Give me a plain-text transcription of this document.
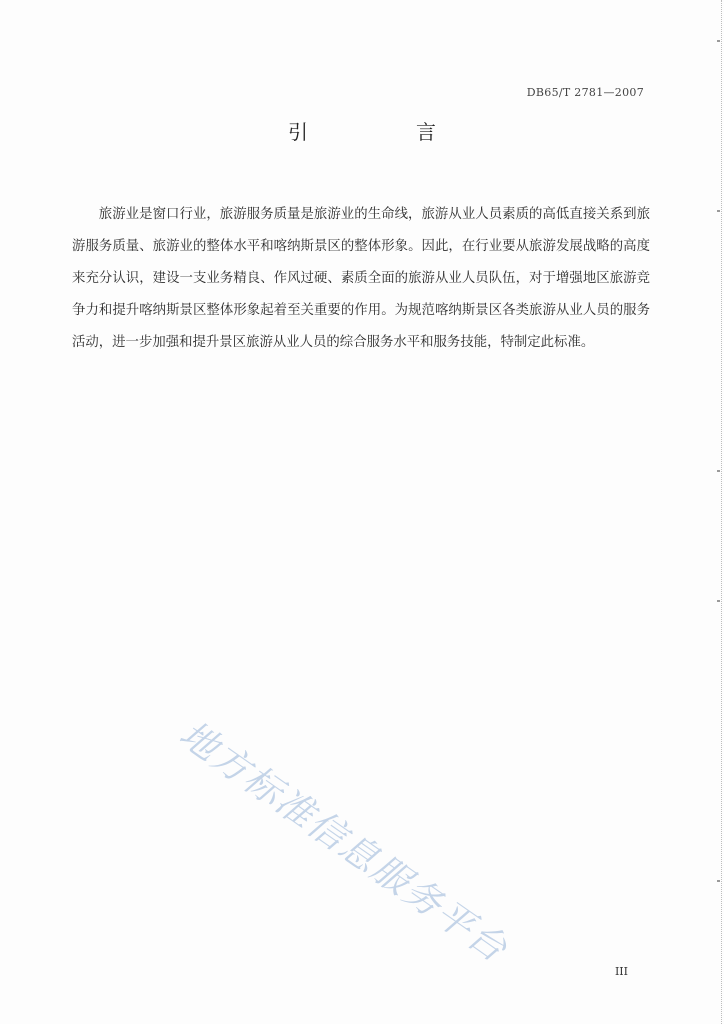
DB65/T 2781—2007
引　言

旅游业是窗口行业，旅游服务质量是旅游业的生命线，旅游从业人员素质的高低直接关系到旅游服务质量、旅游业的整体水平和喀纳斯景区的整体形象。因此，在行业要从旅游发展战略的高度来充分认识，建设一支业务精良、作风过硬、素质全面的旅游从业人员队伍，对于增强地区旅游竞争力和提升喀纳斯景区整体形象起着至关重要的作用。为规范喀纳斯景区各类旅游从业人员的服务活动，进一步加强和提升景区旅游从业人员的综合服务水平和服务技能，特制定此标准。

地方标准信息服务平台
III
